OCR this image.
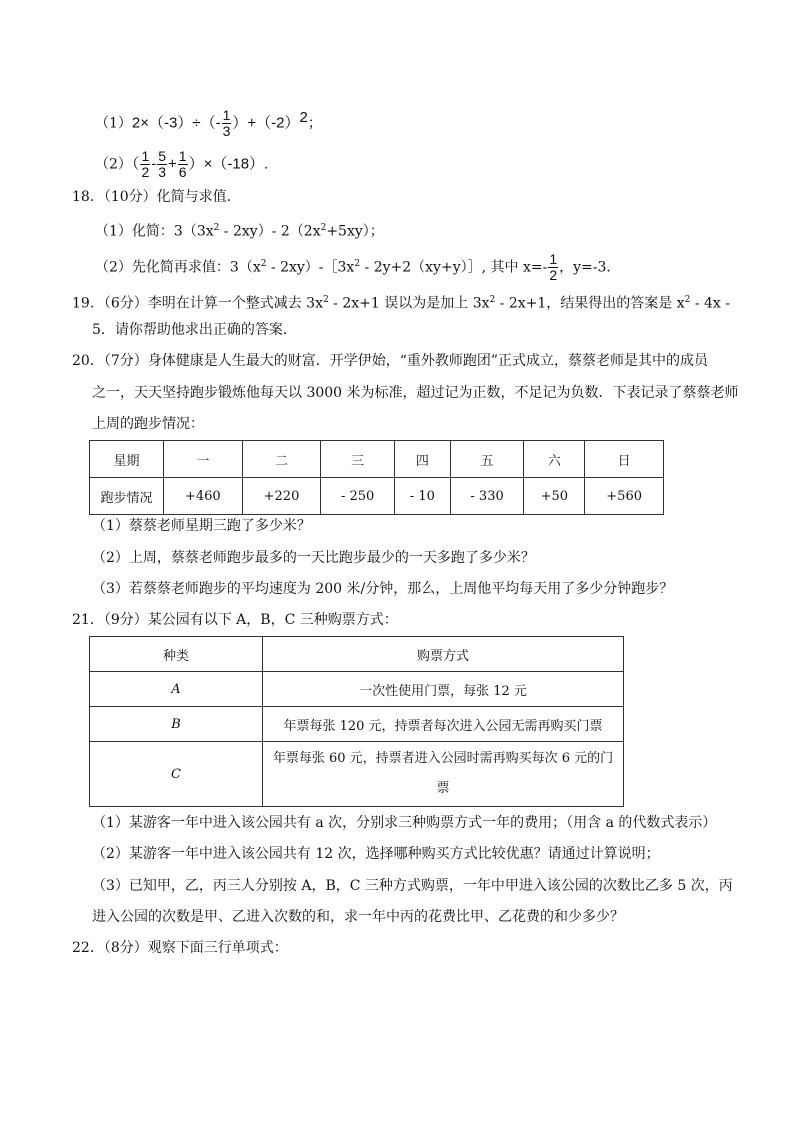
$(1)2\times(-3)\div(- \frac{1}{3} )+(-2)^2$；
$(2)( \frac{1}{2} - \frac{5}{3} + \frac{1}{6} )\times(-18)$.
18．（10分）化简与求值．
（1）化简：$3(3x^2 - 2xy)-$ $2(2x^2+5xy)$；
（2）先化简再求值：$3(x^2$ - $2xy)-[3x^2$ - 2y+2（xy+y）］, 其中 $x=- \frac{1}{2}$ ，y=-3．
19．（6分）李明在计算一个整式减去 $3x^2 - 2x+1$ 误以为是加上 $3x^2 - 2x+1$，结果得出的答案是 $x^2 - 4x$ -
5．请你帮助他求出正确的答案．
20．（7分）身体健康是人生最大的财富．开学伊始，“重外教师跑团”正式成立，蔡蔡老师是其中的成员
之一，天天坚持跑步锻炼他每天以 3000 米为标准，超过记为正数，不足记为负数．下表记录了蔡蔡老师
上周的跑步情况：
星期	一	二	三	四	五	六	日
跑步情况	+460	+220	- 250	- 10	- 330	+50	+560
（1）蔡蔡老师星期三跑了多少米？
（2）上周，蔡蔡老师跑步最多的一天比跑步最少的一天多跑了多少米？
（3）若蔡蔡老师跑步的平均速度为 200 米/分钟，那么，上周他平均每天用了多少分钟跑步？
21．（9分）某公园有以下 A，B，C 三种购票方式：
种类	购票方式
A	一次性使用门票，每张 12 元
B	年票每张 120 元，持票者每次进入公园无需再购买门票
C	年票每张 60 元，持票者进入公园时需再购买每次 6 元的门
票
（1）某游客一年中进入该公园共有 a 次，分别求三种购票方式一年的费用；（用含 a 的代数式表示）
（2）某游客一年中进入该公园共有 12 次，选择哪种购买方式比较优惠？请通过计算说明；
（3）已知甲，乙，丙三人分别按 A，B，C 三种方式购票，一年中甲进入该公园的次数比乙多 5 次，丙
进入公园的次数是甲、乙进入次数的和，求一年中丙的花费比甲、乙花费的和少多少？
22．（8分）观察下面三行单项式：
